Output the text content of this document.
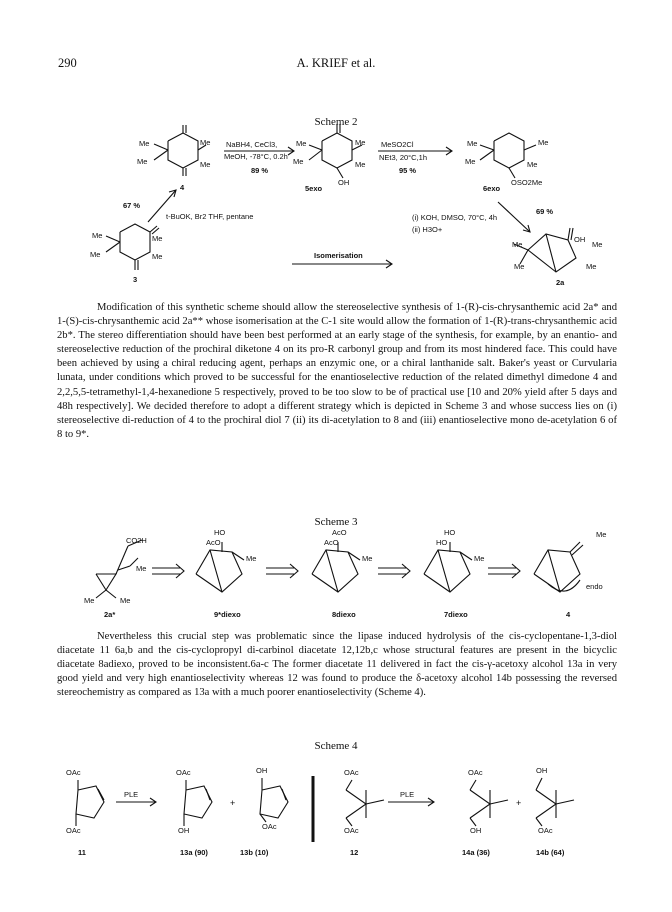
290	A. KRIEF et al.
Scheme 2
Me
Me
Me
Me
4
NaBH4, CeCl3,
MeOH, -78°C, 0.2h
89 %
Me
Me
Me
Me
OH
5exo
MeSO2Cl
NEt3, 20°C,1h
95 %
Me
Me
Me
Me
OSO2Me
6exo
67 %
t-BuOK, Br2 THF, pentane	(i) KOH, DMSO, 70°C, 4h
(ii) H3O+
69 %
Me
Me
Me
Me
3
Isomerisation
OH
Me
Me
Me	Me
2a

Modification of this synthetic scheme should allow the stereoselective synthesis of 1-(R)-cis-chrysanthemic acid 2a* and 1-(S)-cis-chrysanthemic acid 2a** whose isomerisation at the C-1 site would allow the formation of 1-(R)-trans-chrysanthemic acid 2b*. The stereo differentiation should have been best performed at an early stage of the synthesis, for example, by an enantio- and stereoselective reduction of the prochiral diketone 4 on its pro-R carbonyl group and from its most hindered face. This could have been achieved by using a chiral reducing agent, perhaps an enzymic one, or a chiral lanthanide salt. Baker's yeast or Curvularia lunata, under conditions which proved to be successful for the enantioselective reduction of the related dimethyl dimedone 4 and 2,2,5,5-tetramethyl-1,4-hexanedione 5 respectively, proved to be too slow to be of practical use [10 and 20% yield after 5 days and 48h respectively]. We decided therefore to adopt a different strategy which is depicted in Scheme 3 and whose success lies on (i) stereoselective di-reduction of 4 to the prochiral diol 7 (ii) its di-acetylation to 8 and (iii) enantioselective mono de-acetylation 6 of 8 to 9*.

Scheme 3
CO2H
HO
AcO
AcO
AcO
HO
HO
endo
Me
Me	Me	Me
Me
Me	Me
2a*	9*diexo	8diexo	7diexo	4

Nevertheless this crucial step was problematic since the lipase induced hydrolysis of the cis-cyclopentane-1,3-diol diacetate 11 6a,b and the cis-cyclopropyl di-carbinol diacetate 12,12b,c whose structural features are present in the bicyclic diacetate 8adiexo, proved to be inconsistent.6a-c The former diacetate 11 delivered in fact the cis-γ-acetoxy alcohol 13a in very good yield and very high enantioselectivity whereas 12 was found to produce the δ-acetoxy alcohol 14b possessing the reversed stereochemistry as compared as 13a with a much poorer enantioselectivity (Scheme 4).

Scheme 4
OAc
OAc
PLE
OAc
OH
+
OH
OAc
OAc
OAc
PLE
OAc
OH
+
OH
OAc
11	13a (90)	13b (10)	12	14a (36)	14b (64)
